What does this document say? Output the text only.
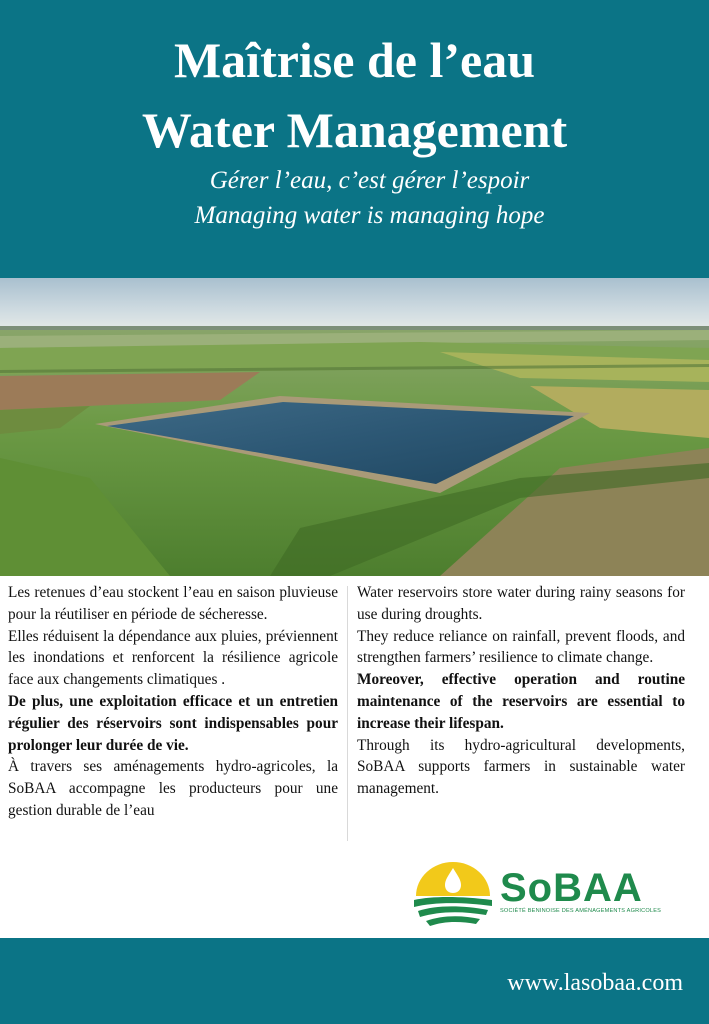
Maîtrise de l’eau
Water Management
Gérer l’eau, c’est gérer l’espoir
Managing water is managing hope

Les retenues d’eau stockent l’eau en saison pluvieuse pour la réutiliser en période de sécheresse.

Elles réduisent la dépendance aux pluies, préviennent les inondations et renforcent la résilience agricole face aux changements climatiques .

De plus, une exploitation efficace et un entretien régulier des réservoirs sont indispensables pour prolonger leur durée de vie.

À travers ses aménagements hydro-agricoles, la SoBAA accompagne les producteurs pour une gestion durable de l’eau

Water reservoirs store water during rainy seasons for use during droughts.

They reduce reliance on rainfall, prevent floods, and strengthen farmers’ resilience to climate change.

Moreover, effective operation and routine maintenance of the reservoirs are essential to increase their lifespan.

Through its hydro-agricultural developments, SoBAA supports farmers in sustainable water management.

SoBAA
SOCIÉTÉ BENINOISE DES AMÉNAGEMENTS AGRICOLES
www.lasobaa.com
